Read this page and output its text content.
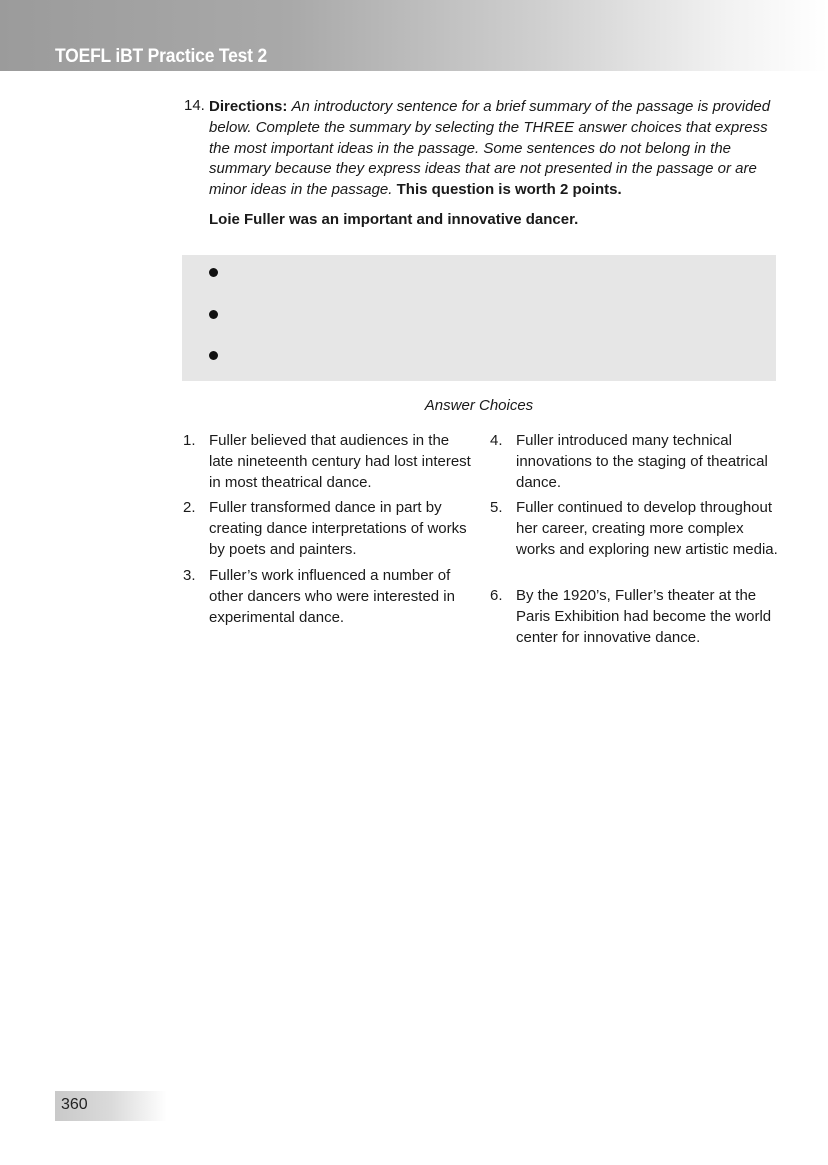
TOEFL iBT Practice Test 2
14. Directions: An introductory sentence for a brief summary of the passage is provided below. Complete the summary by selecting the THREE answer choices that express the most important ideas in the passage. Some sentences do not belong in the summary because they express ideas that are not presented in the passage or are minor ideas in the passage. This question is worth 2 points.
Loie Fuller was an important and innovative dancer.
Answer Choices
1. Fuller believed that audiences in the late nineteenth century had lost interest in most theatrical dance.
2. Fuller transformed dance in part by creating dance interpretations of works by poets and painters.
3. Fuller’s work influenced a number of other dancers who were interested in experimental dance.
4. Fuller introduced many technical innovations to the staging of theatrical dance.
5. Fuller continued to develop throughout her career, creating more complex works and exploring new artistic media.
6. By the 1920’s, Fuller’s theater at the Paris Exhibition had become the world center for innovative dance.
360
